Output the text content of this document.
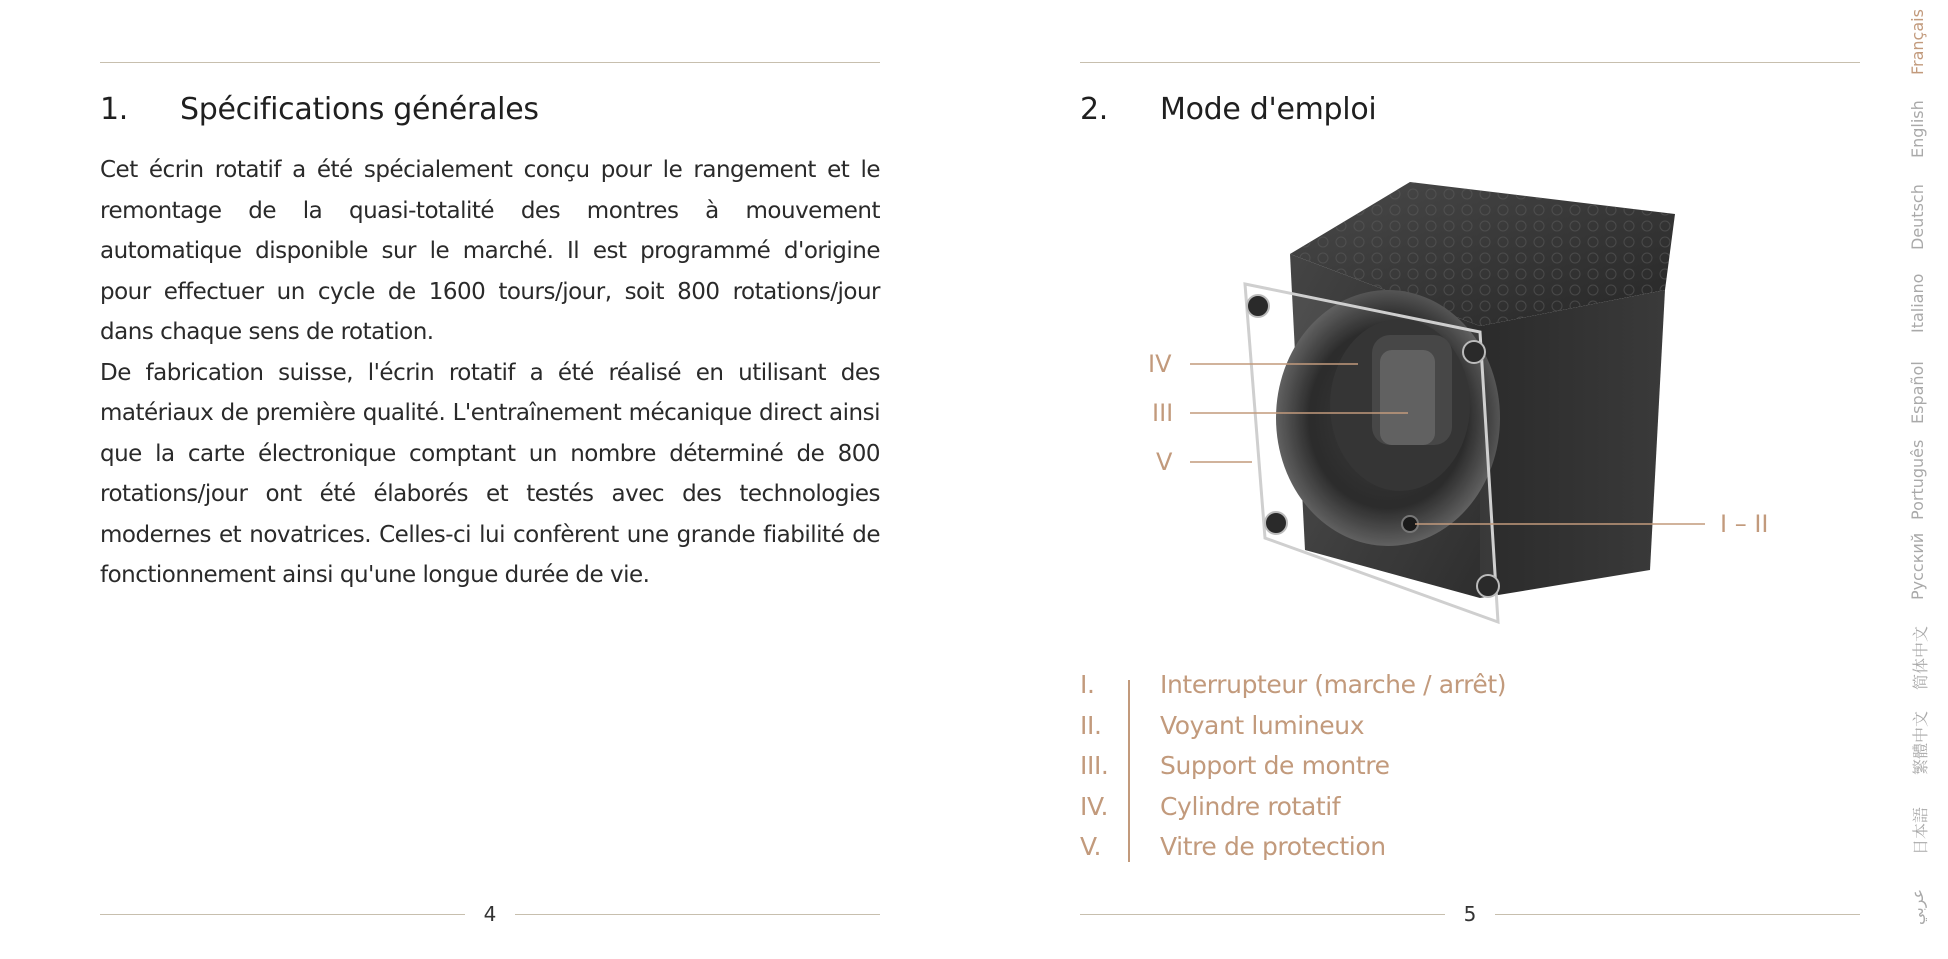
1. Spécifications générales

Cet écrin rotatif a été spécialement conçu pour le rangement et le remontage de la quasi-totalité des montres à mouvement automatique disponible sur le marché. Il est programmé d'origine pour effectuer un cycle de 1600 tours/jour, soit 800 rotations/jour dans chaque sens de rotation.

De fabrication suisse, l'écrin rotatif a été réalisé en utilisant des matériaux de première qualité. L'entraînement mécanique direct ainsi que la carte électronique comptant un nombre déterminé de 800 rotations/jour ont été élaborés et testés avec des technologies modernes et novatrices. Celles-ci lui confèrent une grande fiabilité de fonctionnement ainsi qu'une longue durée de vie.

4
2. Mode d'emploi
IV
III
V
I – II
I.	Interrupteur (marche / arrêt)
II. Voyant lumineux
III. Support de montre
IV. Cylindre rotatif
V. Vitre de protection
5
Français
English
Deutsch
Italiano
Español
Português
Русский
简体中文
繁體中文
日本語
عربي
